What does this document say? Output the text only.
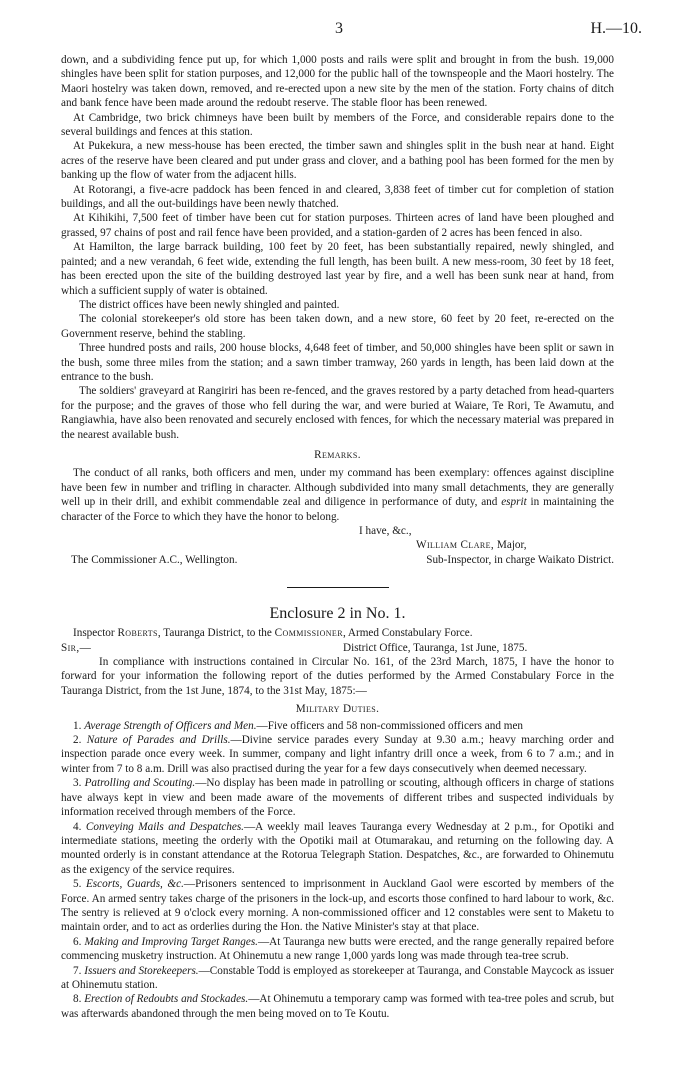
3	H.—10.

down, and a subdividing fence put up, for which 1,000 posts and rails were split and brought in from the bush. 19,000 shingles have been split for station purposes, and 12,000 for the public hall of the townspeople and the Maori hostelry. The Maori hostelry was taken down, removed, and re-erected upon a new site by the men of the station. Forty chains of ditch and bank fence have been made around the redoubt reserve. The stable floor has been renewed.

At Cambridge, two brick chimneys have been built by members of the Force, and considerable repairs done to the several buildings and fences at this station.

At Pukekura, a new mess-house has been erected, the timber sawn and shingles split in the bush near at hand. Eight acres of the reserve have been cleared and put under grass and clover, and a bathing pool has been formed for the men by banking up the flow of water from the adjacent hills.

At Rotorangi, a five-acre paddock has been fenced in and cleared, 3,838 feet of timber cut for completion of station buildings, and all the out-buildings have been newly thatched.

At Kihikihi, 7,500 feet of timber have been cut for station purposes. Thirteen acres of land have been ploughed and grassed, 97 chains of post and rail fence have been provided, and a station-garden of 2 acres has been fenced in also.

At Hamilton, the large barrack building, 100 feet by 20 feet, has been substantially repaired, newly shingled, and painted; and a new verandah, 6 feet wide, extending the full length, has been built. A new mess-room, 30 feet by 18 feet, has been erected upon the site of the building destroyed last year by fire, and a well has been sunk near at hand, from which a sufficient supply of water is obtained.

The district offices have been newly shingled and painted.

The colonial storekeeper's old store has been taken down, and a new store, 60 feet by 20 feet, re-erected on the Government reserve, behind the stabling.

Three hundred posts and rails, 200 house blocks, 4,648 feet of timber, and 50,000 shingles have been split or sawn in the bush, some three miles from the station; and a sawn timber tramway, 260 yards in length, has been laid down at the entrance to the bush.

The soldiers' graveyard at Rangiriri has been re-fenced, and the graves restored by a party detached from head-quarters for the purpose; and the graves of those who fell during the war, and were buried at Waiare, Te Rori, Te Awamutu, and Rangiawhia, have also been renovated and securely enclosed with fences, for which the necessary material was prepared in the nearest available bush.

Remarks.

The conduct of all ranks, both officers and men, under my command has been exemplary: offences against discipline have been few in number and trifling in character. Although subdivided into many small detachments, they are generally well up in their drill, and exhibit commendable zeal and diligence in performance of duty, and esprit in maintaining the character of the Force to which they have the honor to belong.

I have, &c.,
William Clare, Major,
The Commissioner A.C., Wellington.	Sub-Inspector, in charge Waikato District.
Enclosure 2 in No. 1.

Inspector Roberts, Tauranga District, to the Commissioner, Armed Constabulary Force.

Sir,—	District Office, Tauranga, 1st June, 1875.

In compliance with instructions contained in Circular No. 161, of the 23rd March, 1875, I have the honor to forward for your information the following report of the duties performed by the Armed Constabulary Force in the Tauranga District, from the 1st June, 1874, to the 31st May, 1875:—

Military Duties.

1. Average Strength of Officers and Men.—Five officers and 58 non-commissioned officers and men

2. Nature of Parades and Drills.—Divine service parades every Sunday at 9.30 a.m.; heavy marching order and inspection parade once every week. In summer, company and light infantry drill once a week, from 6 to 7 a.m.; and in winter from 7 to 8 a.m. Drill was also practised during the year for a few days consecutively when deemed necessary.

3. Patrolling and Scouting.—No display has been made in patrolling or scouting, although officers in charge of stations have always kept in view and been made aware of the movements of different tribes and suspected individuals by information received through members of the Force.

4. Conveying Mails and Despatches.—A weekly mail leaves Tauranga every Wednesday at 2 p.m., for Opotiki and intermediate stations, meeting the orderly with the Opotiki mail at Otumarakau, and returning on the following day. A mounted orderly is in constant attendance at the Rotorua Telegraph Station. Despatches, &c., are forwarded to Ohinemutu as the exigency of the service requires.

5. Escorts, Guards, &c.—Prisoners sentenced to imprisonment in Auckland Gaol were escorted by members of the Force. An armed sentry takes charge of the prisoners in the lock-up, and escorts those confined to hard labour to work, &c. The sentry is relieved at 9 o'clock every morning. A non-commissioned officer and 12 constables were sent to Maketu to maintain order, and to act as orderlies during the Hon. the Native Minister's stay at that place.

6. Making and Improving Target Ranges.—At Tauranga new butts were erected, and the range generally repaired before commencing musketry instruction. At Ohinemutu a new range 1,000 yards long was made through tea-tree scrub.

7. Issuers and Storekeepers.—Constable Todd is employed as storekeeper at Tauranga, and Constable Maycock as issuer at Ohinemutu station.

8. Erection of Redoubts and Stockades.—At Ohinemutu a temporary camp was formed with tea-tree poles and scrub, but was afterwards abandoned through the men being moved on to Te Koutu.
